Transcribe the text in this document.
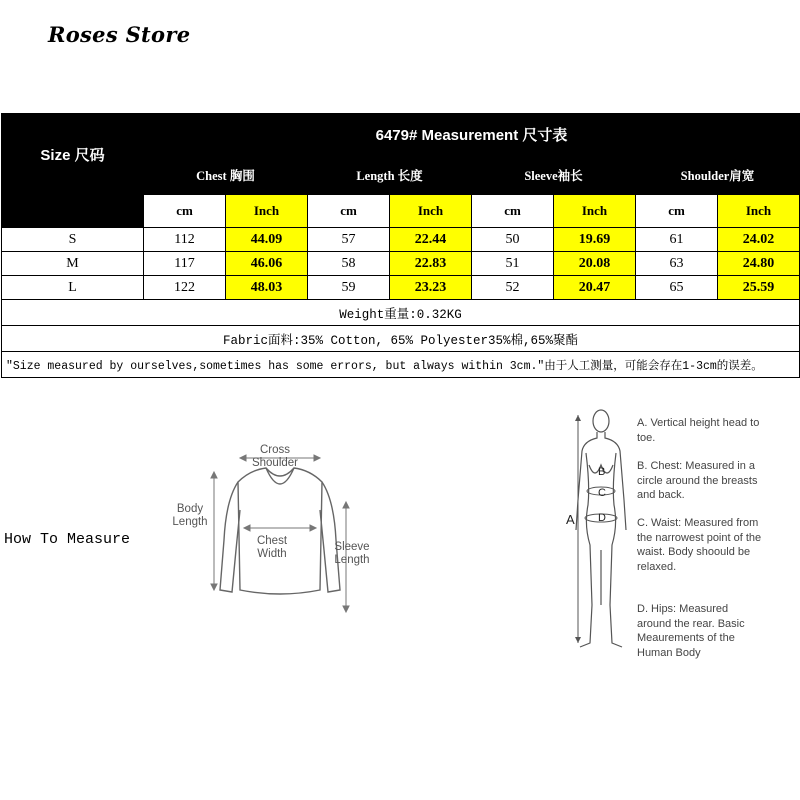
Roses Store
Size 尺码	6479# Measurement 尺寸表							
	Chest 胸围		Length 长度		Sleeve袖长		Shoulder肩宽	
	cm	Inch	cm	Inch	cm	Inch	cm	Inch
S	112	44.09	57	22.44	50	19.69	61	24.02
M	117	46.06	58	22.83	51	20.08	63	24.80
L	122	48.03	59	23.23	52	20.47	65	25.59
Weight重量:0.32KG								
Fabric面料:35% Cotton, 65% Polyester35%棉,65%聚酯								
"Size measured by ourselves,sometimes has some errors, but always within 3cm."由于人工测量，可能会存在1-3cm的误差。								
How To Measure
Cross Shoulder
Body Length
Chest Width
Sleeve Length
A
B
C
D
A. Vertical height head to toe.
B. Chest: Measured in a circle around the breasts and back.
C. Waist: Measured from the narrowest point of the waist. Body shoould be relaxed.
D. Hips: Measured around the rear. Basic Meaurements of the Human Body
